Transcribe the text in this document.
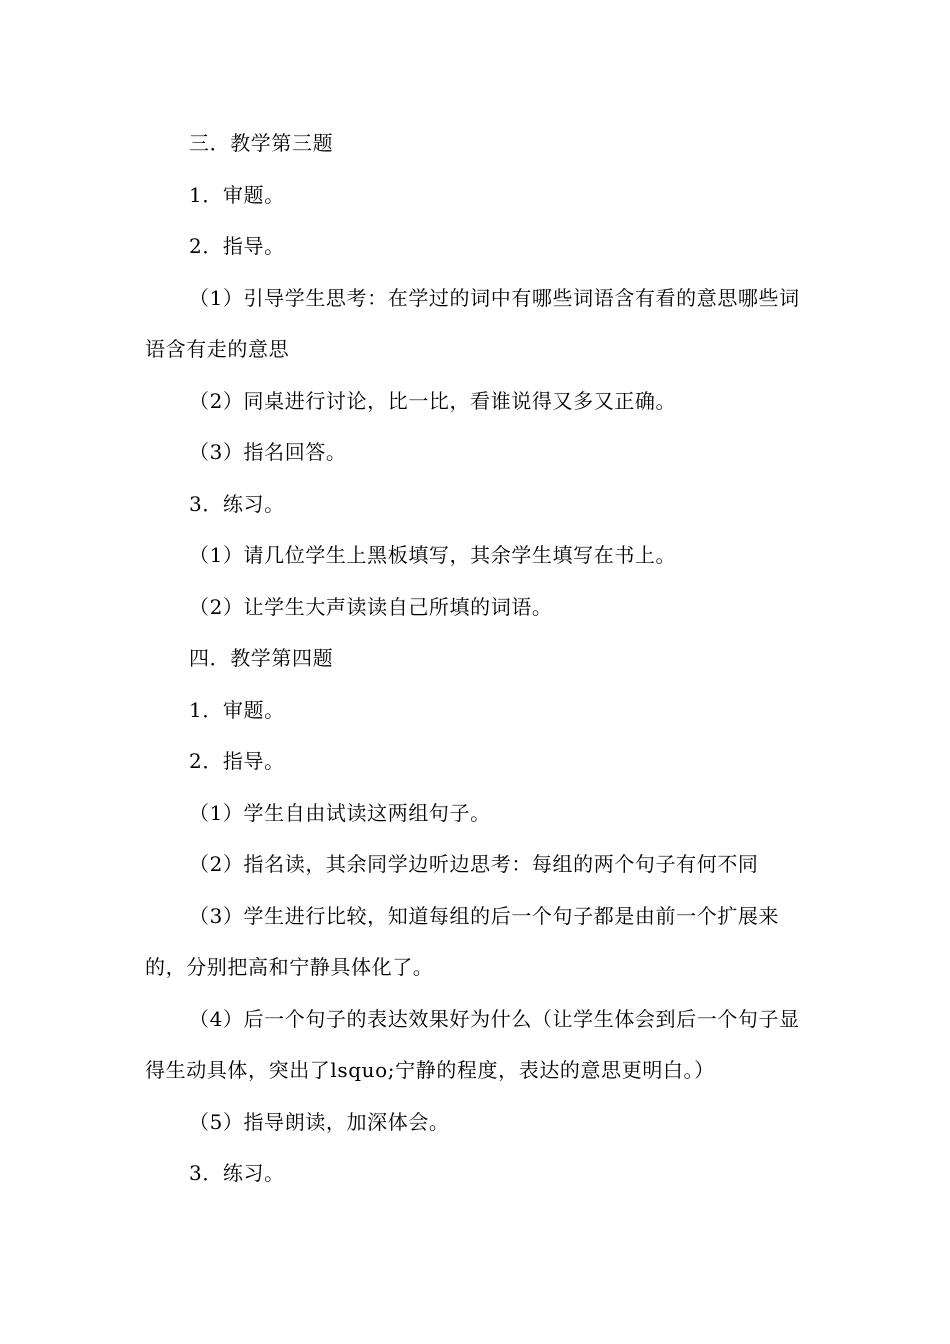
三．教学第三题

1．审题。

2．指导。

（1）引导学生思考：在学过的词中有哪些词语含有看的意思哪些词语含有走的意思

（2）同桌进行讨论，比一比，看谁说得又多又正确。

（3）指名回答。

3．练习。

（1）请几位学生上黑板填写，其余学生填写在书上。

（2）让学生大声读读自己所填的词语。

四．教学第四题

1．审题。

2．指导。

（1）学生自由试读这两组句子。

（2）指名读，其余同学边听边思考：每组的两个句子有何不同

（3）学生进行比较，知道每组的后一个句子都是由前一个扩展来的，分别把高和宁静具体化了。

（4）后一个句子的表达效果好为什么（让学生体会到后一个句子显得生动具体，突出了lsquo;宁静的程度，表达的意思更明白。）

（5）指导朗读，加深体会。

3．练习。
